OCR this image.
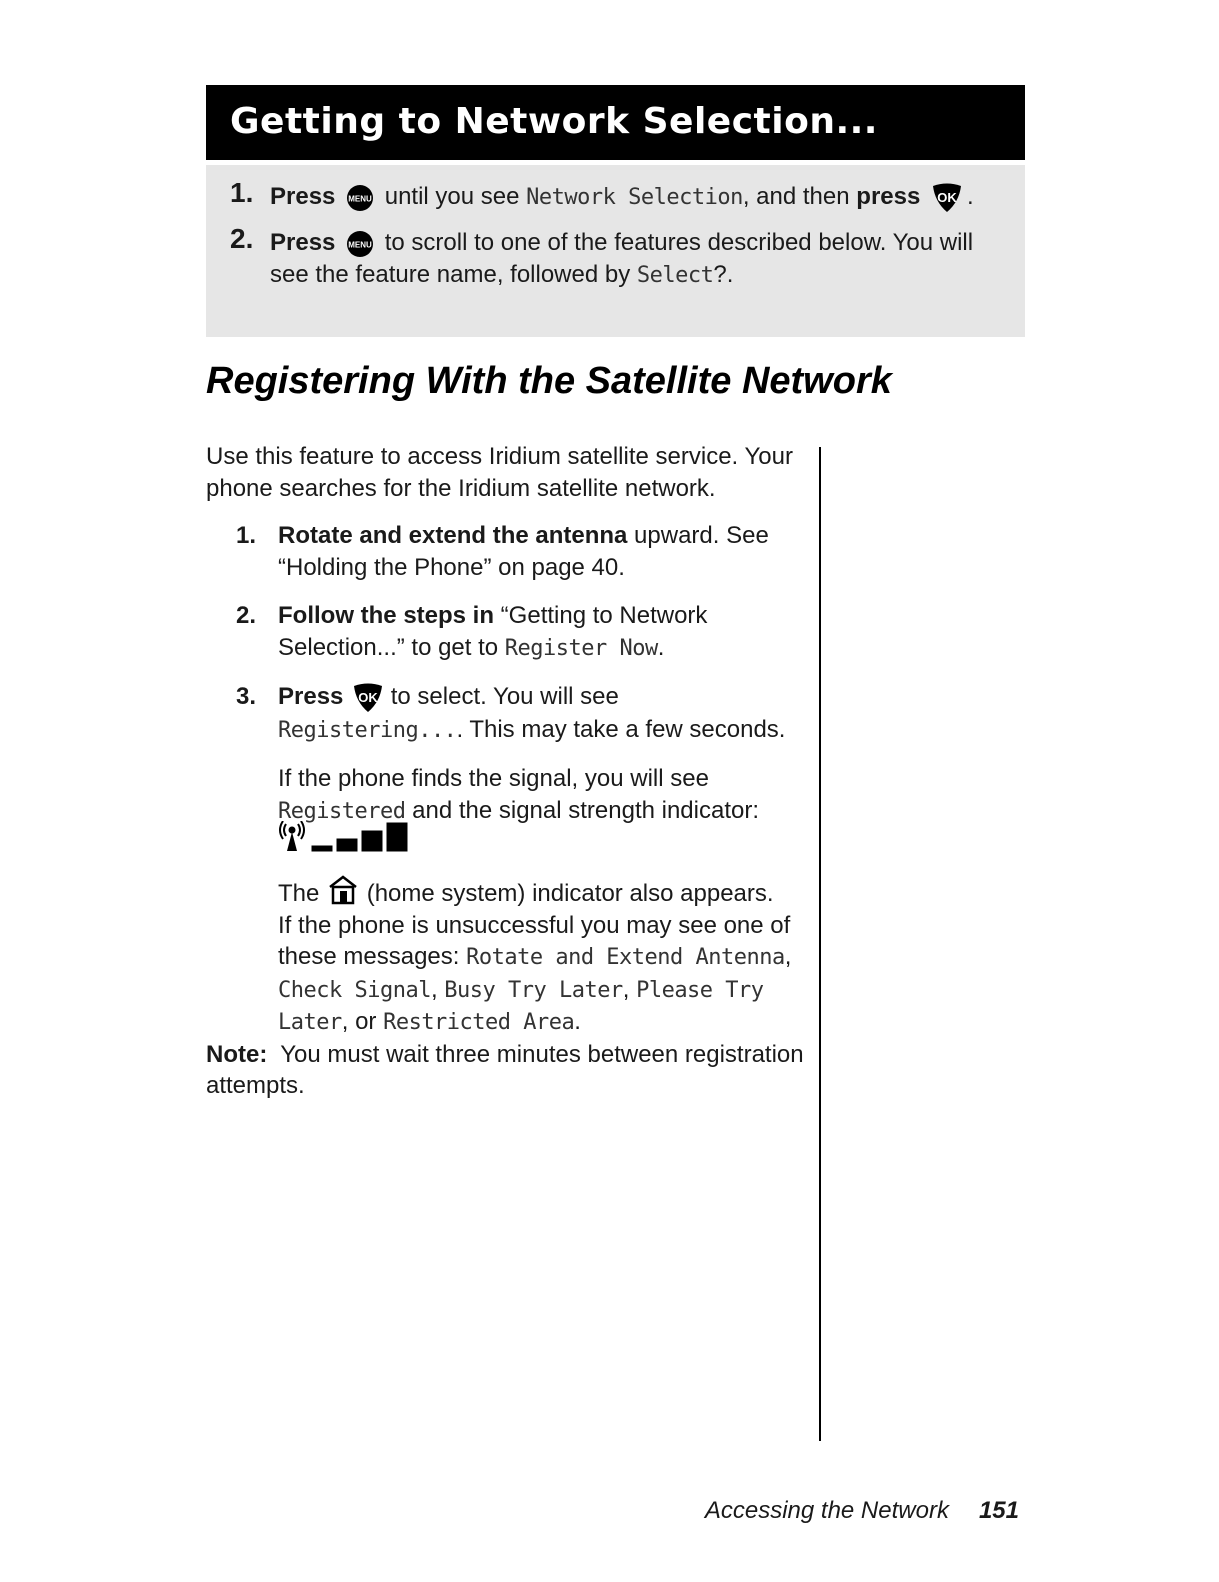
Getting to Network Selection...
1. Press MENU until you see Network Selection, and then press OK .
2. Press MENU to scroll to one of the features described below. You will see the feature name, followed by Select?.
Registering With the Satellite Network

Use this feature to access Iridium satellite service. Your phone searches for the Iridium satellite network.

1. Rotate and extend the antenna upward. See “Holding the Phone” on page 40.
2. Follow the steps in “Getting to Network Selection...” to get to Register Now.
3. Press OK to select. You will see Registering.... This may take a few seconds.

If the phone finds the signal, you will see Registered and the signal strength indicator:

The (home system) indicator also appears.

If the phone is unsuccessful you may see one of these messages: Rotate and Extend Antenna, Check Signal, Busy Try Later, Please Try Later, or Restricted Area.

Note:  You must wait three minutes between registration attempts.

Accessing the Network 151
